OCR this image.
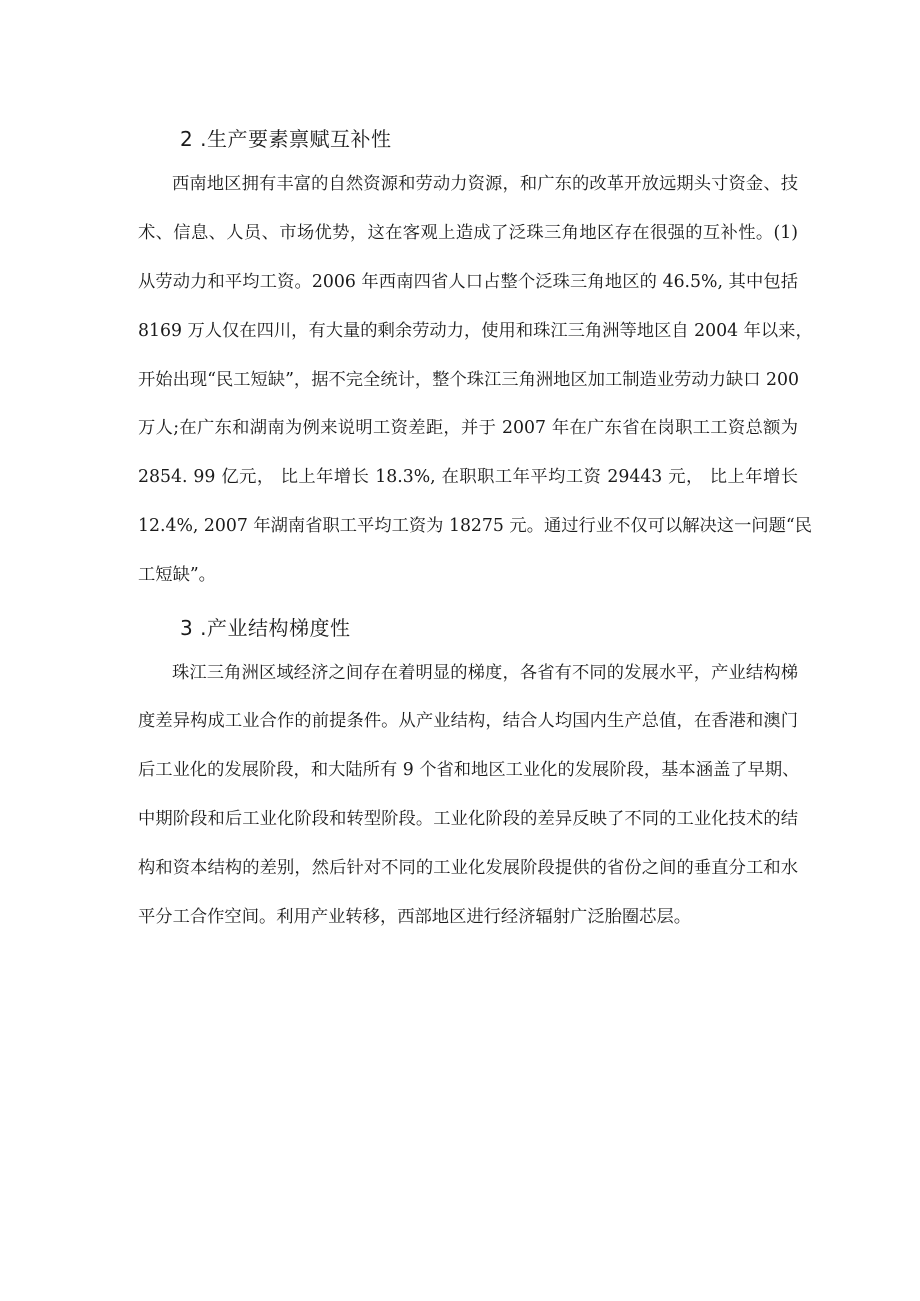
2 .生产要素禀赋互补性
西南地区拥有丰富的自然资源和劳动力资源，和广东的改革开放远期头寸资金、技
术、信息、人员、市场优势，这在客观上造成了泛珠三角地区存在很强的互补性。(1)
从劳动力和平均工资。2006 年西南四省人口占整个泛珠三角地区的 46.5%, 其中包括
8169 万人仅在四川，有大量的剩余劳动力，使用和珠江三角洲等地区自 2004 年以来，
开始出现“民工短缺”，据不完全统计，整个珠江三角洲地区加工制造业劳动力缺口 200
万人;在广东和湖南为例来说明工资差距，并于 2007 年在广东省在岗职工工资总额为
2854. 99 亿元， 比上年增长 18.3%, 在职职工年平均工资 29443 元， 比上年增长
12.4%, 2007 年湖南省职工平均工资为 18275 元。通过行业不仅可以解决这一问题“民
工短缺”。
3 .产业结构梯度性
珠江三角洲区域经济之间存在着明显的梯度，各省有不同的发展水平，产业结构梯
度差异构成工业合作的前提条件。从产业结构，结合人均国内生产总值，在香港和澳门
后工业化的发展阶段，和大陆所有 9 个省和地区工业化的发展阶段，基本涵盖了早期、
中期阶段和后工业化阶段和转型阶段。工业化阶段的差异反映了不同的工业化技术的结
构和资本结构的差别，然后针对不同的工业化发展阶段提供的省份之间的垂直分工和水
平分工合作空间。利用产业转移，西部地区进行经济辐射广泛胎圈芯层。
